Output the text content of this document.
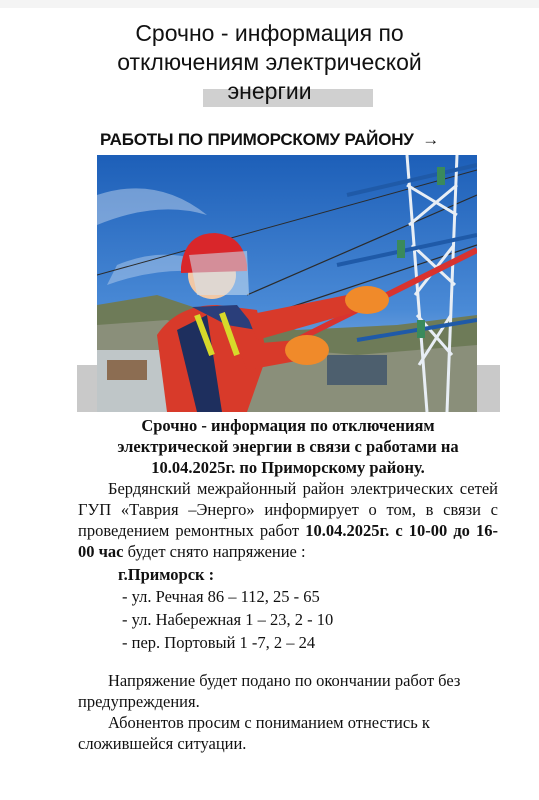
Срочно - информация по
отключениям электрической
энергии
РАБОТЫ ПО ПРИМОРСКОМУ РАЙОНУ →

Срочно - информация по отключениям
электрической энергии в связи с работами на
10.04.2025г. по Приморскому району.

Бердянский межрайонный район электрических сетей ГУП «Таврия –Энерго» информирует о том, в связи с проведением ремонтных работ 10.04.2025г. с 10-00 до 16-00 час будет снято напряжение :

г.Приморск :

- ул. Речная 86 – 112, 25 - 65

- ул. Набережная 1 – 23, 2 - 10

- пер. Портовый 1 -7, 2 – 24

Напряжение будет подано по окончании работ без предупреждения.

Абонентов просим с пониманием отнестись к сложившейся ситуации.
